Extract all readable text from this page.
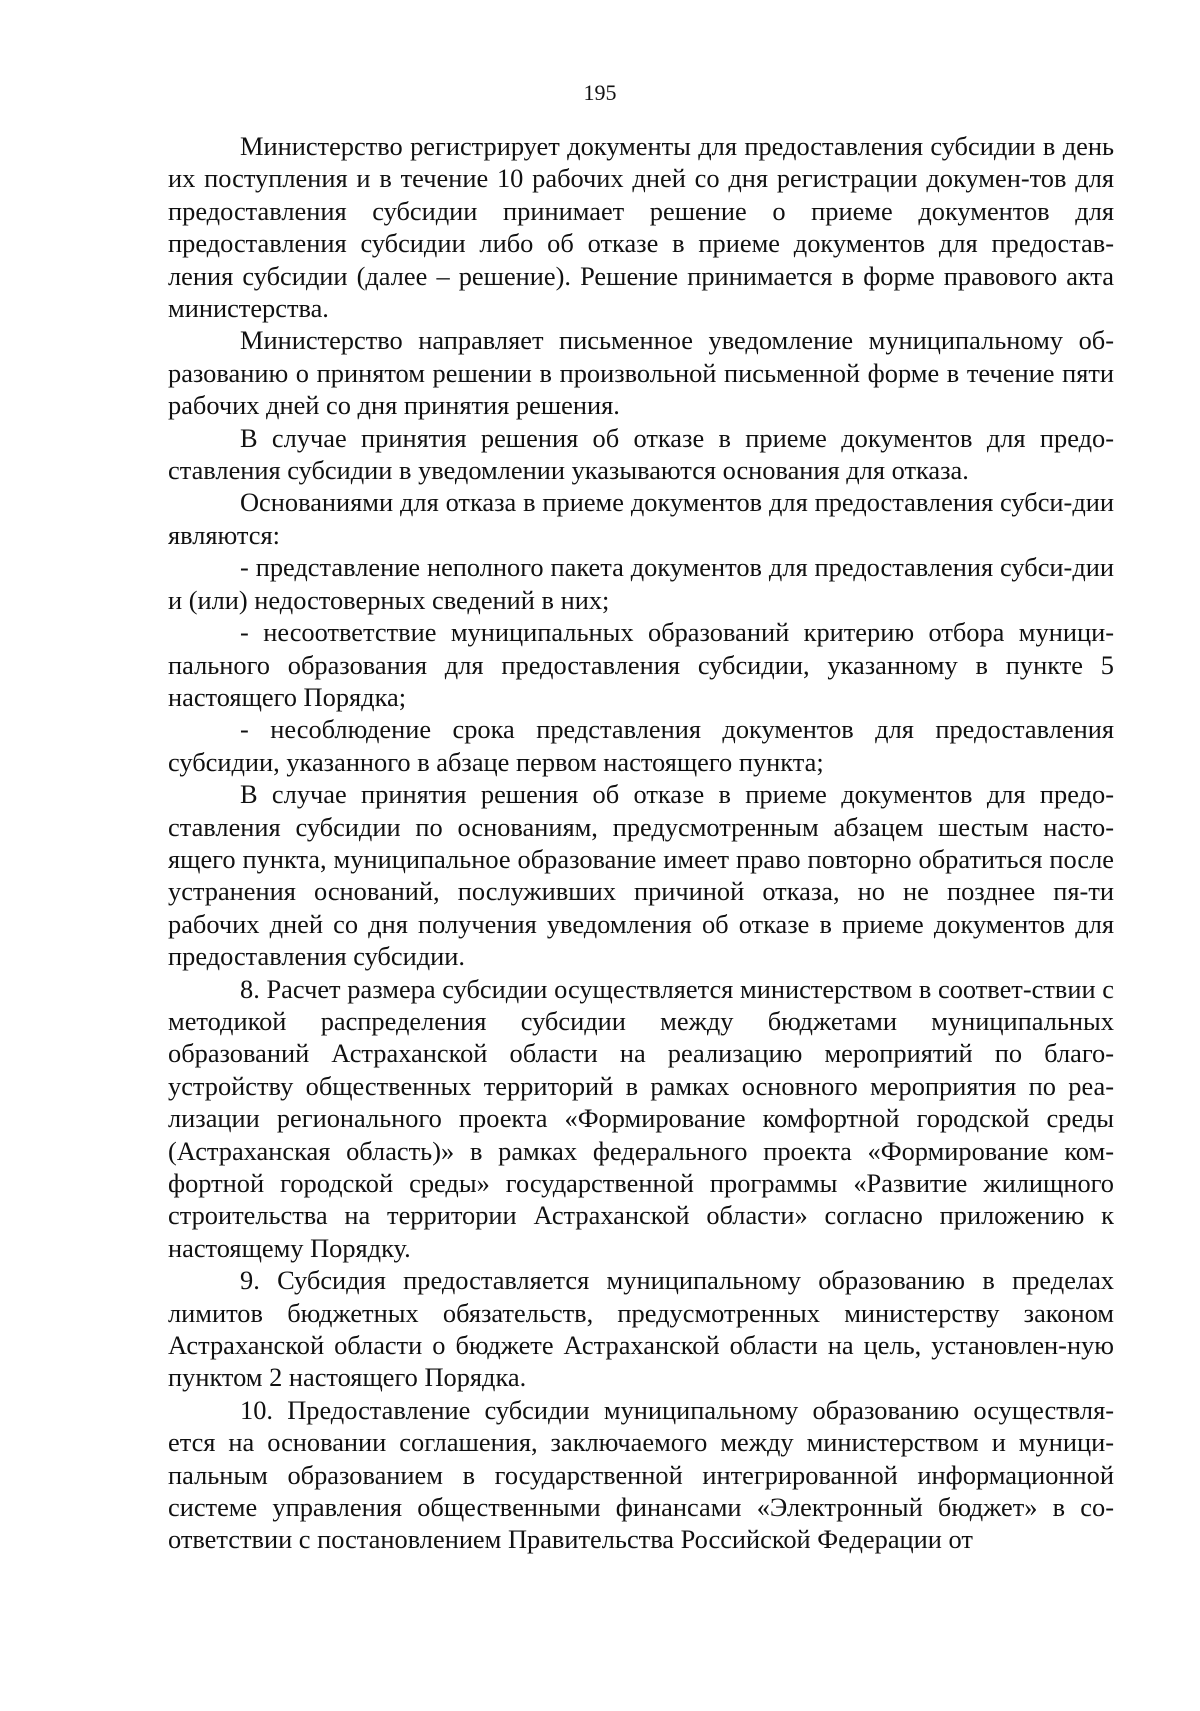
195

Министерство регистрирует документы для предоставления субсидии в день их поступления и в течение 10 рабочих дней со дня регистрации докумен-тов для предоставления субсидии принимает решение о приеме документов для предоставления субсидии либо об отказе в приеме документов для предостав-ления субсидии (далее – решение). Решение принимается в форме правового акта министерства.

Министерство направляет письменное уведомление муниципальному об-разованию о принятом решении в произвольной письменной форме в течение пяти рабочих дней со дня принятия решения.

В случае принятия решения об отказе в приеме документов для предо-ставления субсидии в уведомлении указываются основания для отказа.

Основаниями для отказа в приеме документов для предоставления субси-дии являются:

- представление неполного пакета документов для предоставления субси-дии и (или) недостоверных сведений в них;

- несоответствие муниципальных образований критерию отбора муници-пального образования для предоставления субсидии, указанному в пункте 5 настоящего Порядка;

- несоблюдение срока представления документов для предоставления субсидии, указанного в абзаце первом настоящего пункта;

В случае принятия решения об отказе в приеме документов для предо-ставления субсидии по основаниям, предусмотренным абзацем шестым насто-ящего пункта, муниципальное образование имеет право повторно обратиться после устранения оснований, послуживших причиной отказа, но не позднее пя-ти рабочих дней со дня получения уведомления об отказе в приеме документов для предоставления субсидии.

8. Расчет размера субсидии осуществляется министерством в соответ-ствии с методикой распределения субсидии между бюджетами муниципальных образований Астраханской области на реализацию мероприятий по благо-устройству общественных территорий в рамках основного мероприятия по реа-лизации регионального проекта «Формирование комфортной городской среды (Астраханская область)» в рамках федерального проекта «Формирование ком-фортной городской среды» государственной программы «Развитие жилищного строительства на территории Астраханской области» согласно приложению к настоящему Порядку.

9. Субсидия предоставляется муниципальному образованию в пределах лимитов бюджетных обязательств, предусмотренных министерству законом Астраханской области о бюджете Астраханской области на цель, установлен-ную пунктом 2 настоящего Порядка.

10. Предоставление субсидии муниципальному образованию осуществля-ется на основании соглашения, заключаемого между министерством и муници-пальным образованием в государственной интегрированной информационной системе управления общественными финансами «Электронный бюджет» в со-ответствии с постановлением Правительства Российской Федерации от
